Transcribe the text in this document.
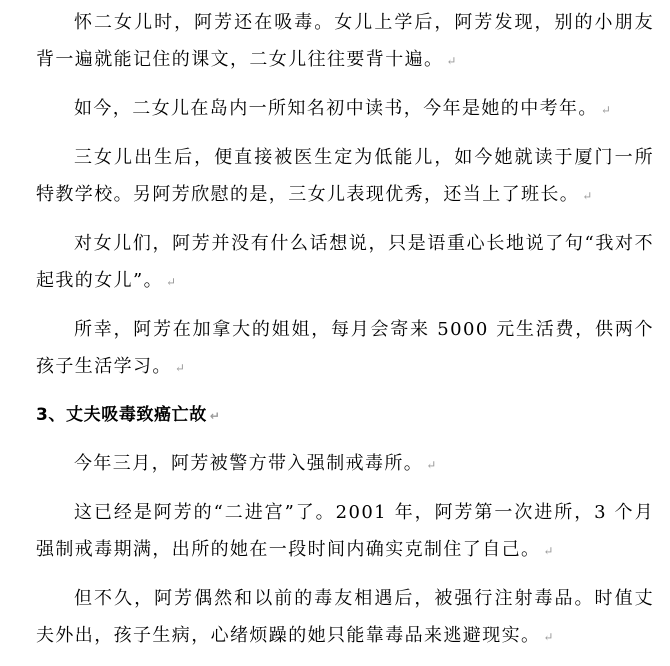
怀二女儿时，阿芳还在吸毒。女儿上学后，阿芳发现，别的小朋友背一遍就能记住的课文，二女儿往往要背十遍。 ↵

如今，二女儿在岛内一所知名初中读书，今年是她的中考年。 ↵

三女儿出生后，便直接被医生定为低能儿，如今她就读于厦门一所特教学校。另阿芳欣慰的是，三女儿表现优秀，还当上了班长。 ↵

对女儿们，阿芳并没有什么话想说，只是语重心长地说了句“我对不起我的女儿”。 ↵

所幸，阿芳在加拿大的姐姐，每月会寄来 5000 元生活费，供两个孩子生活学习。 ↵

3、丈夫吸毒致癌亡故 ↵

今年三月，阿芳被警方带入强制戒毒所。 ↵

这已经是阿芳的“二进宫”了。2001 年，阿芳第一次进所，3 个月强制戒毒期满，出所的她在一段时间内确实克制住了自己。 ↵

但不久，阿芳偶然和以前的毒友相遇后，被强行注射毒品。时值丈夫外出，孩子生病，心绪烦躁的她只能靠毒品来逃避现实。 ↵
